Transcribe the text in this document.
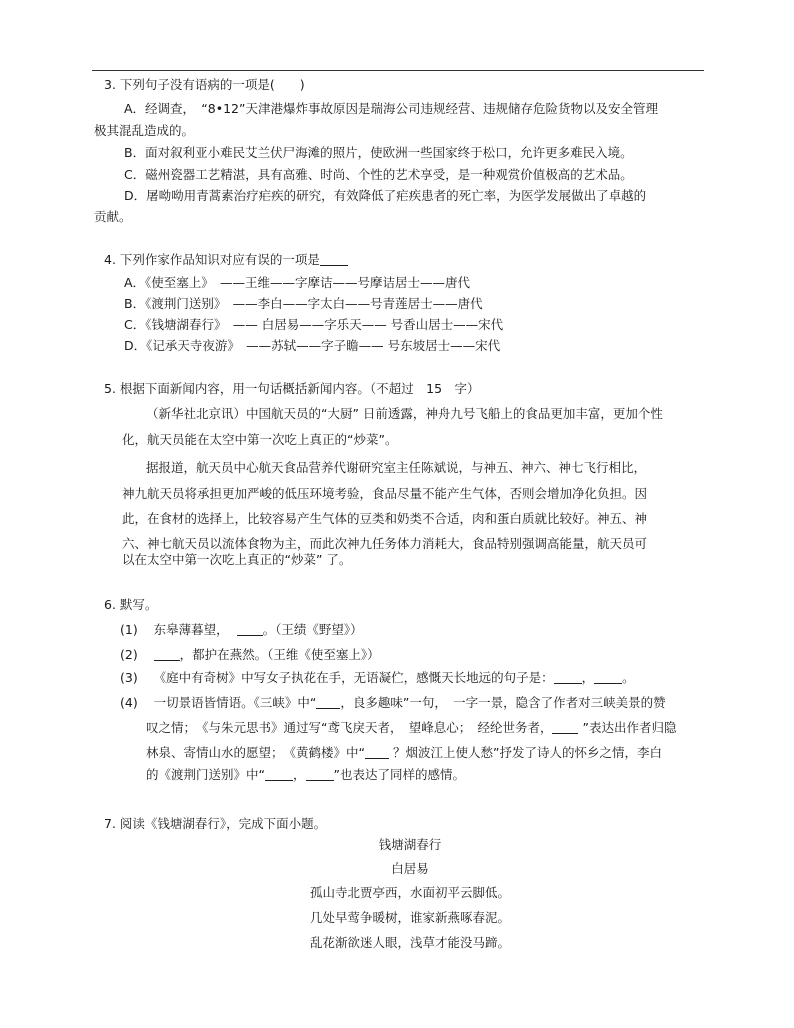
3. 下列句子没有语病的一项是(　　)
A．经调查，　“8•12”天津港爆炸事故原因是瑞海公司违规经营、违规储存危险货物以及安全管理
极其混乱造成的。
B．面对叙利亚小难民艾兰伏尸海滩的照片，使欧洲一些国家终于松口，允许更多难民入境。
C．磁州瓷器工艺精湛，具有高雅、时尚、个性的艺术享受，是一种观赏价值极高的艺术品。
D．屠呦呦用青蒿素治疗疟疾的研究，有效降低了疟疾患者的死亡率，为医学发展做出了卓越的
贡献。
4. 下列作家作品知识对应有误的一项是
A．《使至塞上》　——王维——字摩诘——号摩诘居士——唐代
B．《渡荆门送别》　——李白——字太白——号青莲居士——唐代
C．《钱塘湖春行》　—— 白居易——字乐天—— 号香山居士——宋代
D．《记承天寺夜游》　——苏轼——字子瞻—— 号东坡居士——宋代
5. 根据下面新闻内容，用一句话概括新闻内容。（不超过　15　字）
（新华社北京讯）中国航天员的“大厨” 日前透露，神舟九号飞船上的食品更加丰富，更加个性
化，航天员能在太空中第一次吃上真正的“炒菜”。
据报道，航天员中心航天食品营养代谢研究室主任陈斌说，与神五、神六、神七飞行相比，
神九航天员将承担更加严峻的低压环境考验，食品尽量不能产生气体，否则会增加净化负担。因
此，在食材的选择上，比较容易产生气体的豆类和奶类不合适，肉和蛋白质就比较好。神五、神
六、神七航天员以流体食物为主，而此次神九任务体力消耗大，食品特别强调高能量，航天员可
以在太空中第一次吃上真正的“炒菜” 了。
6. 默写。
(1) 东皋薄暮望，	。（王绩《野望》）
(2)	，都护在燕然。（王维《使至塞上》）
(3) 《庭中有奇树》中写女子执花在手，无语凝伫，感慨天长地远的句子是： ， 。
(4) 一切景语皆情语。《三峡》中“ ，良多趣味”一句，　一字一景，隐含了作者对三峡美景的赞
叹之情；　《与朱元思书》通过写“鸢飞戾天者，　望峰息心；　经纶世务者， ”表达出作者归隐
林泉、寄情山水的愿望；　《黄鹤楼》中“ ？烟波江上使人愁”抒发了诗人的怀乡之情，李白
的《渡荆门送别》中“ ， ”也表达了同样的感情。
7. 阅读《钱塘湖春行》，完成下面小题。
钱塘湖春行
白居易
孤山寺北贾亭西，水面初平云脚低。
几处早莺争暖树，谁家新燕啄春泥。
乱花渐欲迷人眼，浅草才能没马蹄。
